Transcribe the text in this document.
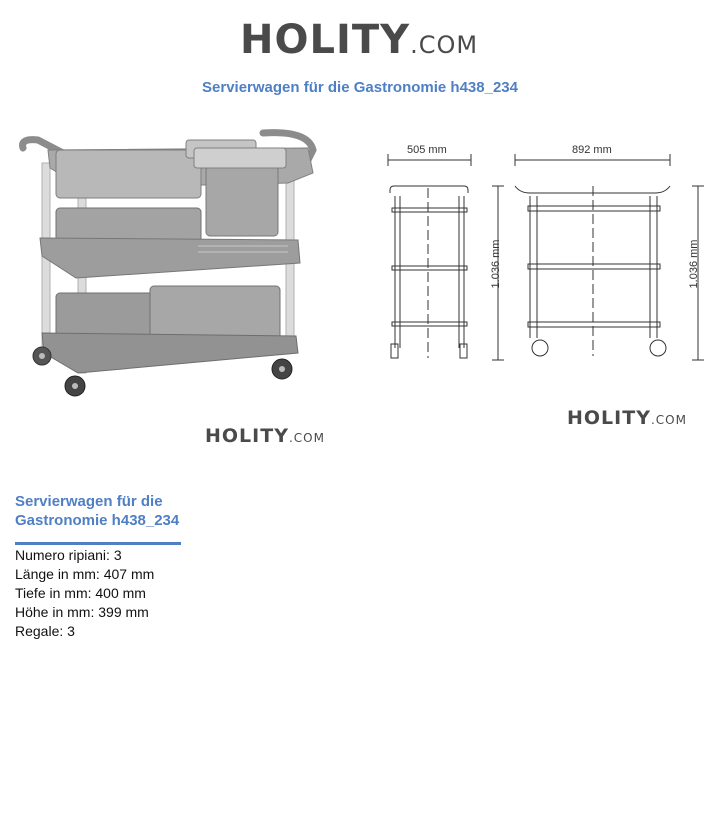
HOLITY.COM
Servierwagen für die Gastronomie h438_234
HOLITY.COM
505 mm	892 mm
1.036 mm	1.036 mm
HOLITY.COM
Servierwagen für die Gastronomie h438_234
Numero ripiani: 3
Länge in mm: 407 mm
Tiefe in mm: 400 mm
Höhe in mm: 399 mm
Regale: 3
